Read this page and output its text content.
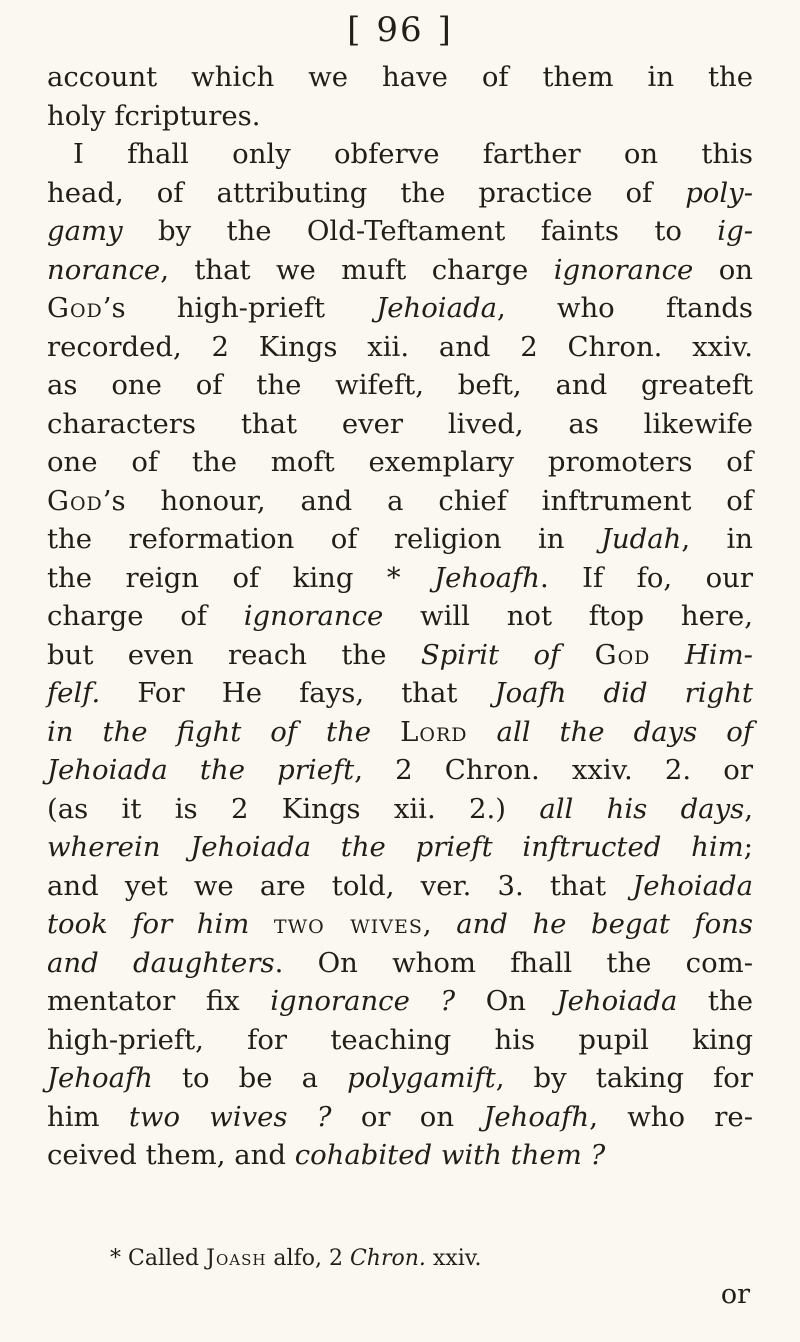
[ 96 ]
account which we have of them in the
holy fcriptures.
I fhall only obferve farther on this
head, of attributing the practice of poly-
gamy by the Old-Teftament faints to ig-
norance, that we muft charge ignorance on
God’s high-prieft Jehoiada, who ftands
recorded, 2 Kings xii. and 2 Chron. xxiv.
as one of the wifeft, beft, and greateft
characters that ever lived, as likewife
one of the moft exemplary promoters of
God’s honour, and a chief inftrument of
the reformation of religion in Judah, in
the reign of king * Jehoafh. If fo, our
charge of ignorance will not ftop here,
but even reach the Spirit of God Him-
felf. For He fays, that Joafh did right
in the fight of the Lord all the days of
Jehoiada the prieft, 2 Chron. xxiv. 2. or
(as it is 2 Kings xii. 2.) all his days,
wherein Jehoiada the prieft inftructed him;
and yet we are told, ver. 3. that Jehoiada
took for him two wives, and he begat fons
and daughters. On whom fhall the com-
mentator fix ignorance ? On Jehoiada the
high-prieft, for teaching his pupil king
Jehoafh to be a polygamift, by taking for
him two wives ? or on Jehoafh, who re-
ceived them, and cohabited with them ?
* Called Joash alfo, 2 Chron. xxiv.
or
